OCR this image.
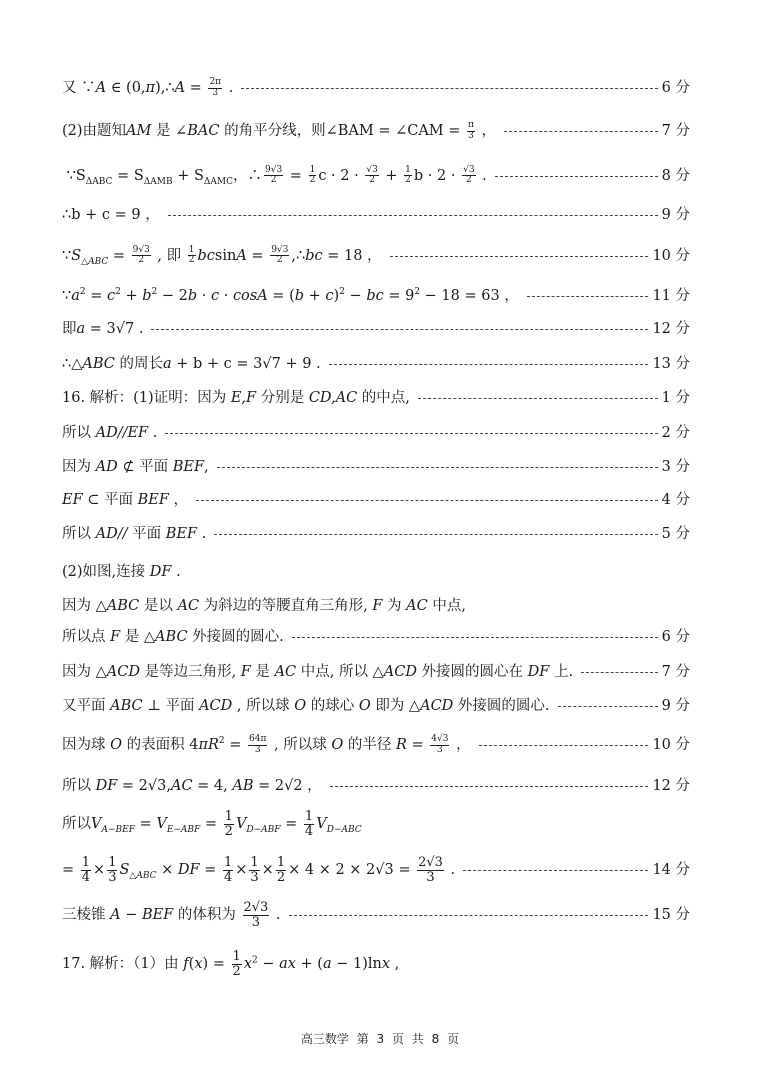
又 ∵A ∈ (0,π),∴A = $\frac{2\pi}{3}$ .	6 分
(2)由题知AM 是 ∠BAC 的角平分线，则∠BAM = ∠CAM = $\frac{\pi}{3}$ ，	7 分
$\because S_{\Delta ABC} = S_{\Delta AMB} + S_{\Delta AMC}$，∴ $\frac{9√3}{2} = \frac{1}{2}$ $c \cdot 2 \cdot \frac{√3}{2} + \frac{1}{2}$ $b \cdot 2 \cdot \frac{√3}{2}$ .	8 分
∴b + c = 9 ，	9 分
$\because S_{\triangle ABC} = \frac{9√3}{2}$ , 即 $\frac{1}{2}$ $bcsinA = \frac{9√3}{2}$ ,∴bc = 18 ，	10 分
$\because a^2 = c^2 + b^2 - 2b \cdot c \cdot \cos A = (b + c)^2$ − bc = $9^2 - 18 = 63$ ，	11 分
即a = 3√7 .	12 分
∴△ABC 的周长a + b + c = 3√7 + 9 .	13 分
16. 解析：(1)证明：因为 E,F 分别是 CD,AC 的中点,	1 分
所以 AD//EF .	2 分
因为 AD ⊄ 平面 BEF,	3 分
EF ⊂ 平面 BEF ，	4 分
所以 AD// 平面 BEF .	5 分
(2)如图,连接 DF .
因为 △ABC 是以 AC 为斜边的等腰直角三角形, F 为 AC 中点,
所以点 F 是 △ABC 外接圆的圆心.	6 分
因为 △ACD 是等边三角形, F 是 AC 中点, 所以 △ACD 外接圆的圆心在 DF 上.	7 分
又平面 ABC ⊥ 平面 ACD , 所以球 O 的球心 O 即为 △ACD 外接圆的圆心.	9 分
因为球 O 的表面积 $4\pi R^2 = \frac{64\pi}{3}$ , 所以球 O 的半径 $R = \frac{4√3}{3}$ ，	10 分
所以 DF = 2√3,AC = 4, AB = 2√2 ，	12 分
所以$V_{A-BEF} = V_{E-ABF} = \frac{1}{2} V_{D-ABF} = \frac{1}{4} V_{D-ABC}$
= $\frac{1}{4} \times \frac{1}{3} S_{\triangle ABC}$ × DF = $\frac{1}{4} \times \frac{1}{3} \times \frac{1}{2} \times 4 \times 2 \times 2√3 = \frac{2√3}{3}$ .	14 分
三棱锥 A − BEF 的体积为 $\frac{2√3}{3}$ .	15 分
17. 解析：（1）由 $f(x) = \frac{1}{2} x^2$ − ax + (a − 1)lnx ,
高三数学 第 3 页 共 8 页
